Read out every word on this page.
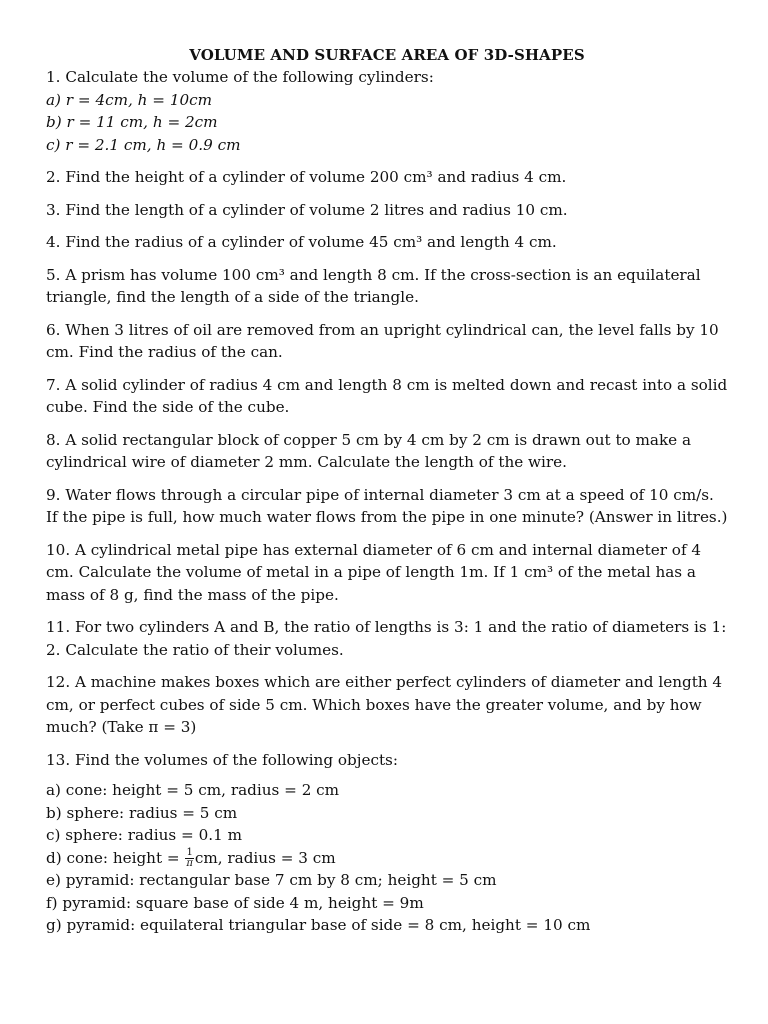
VOLUME AND SURFACE AREA OF 3D-SHAPES
1. Calculate the volume of the following cylinders:
a) r = 4cm, h = 10cm
b) r = 11 cm, h = 2cm
c) r = 2.1 cm, h = 0.9 cm
2. Find the height of a cylinder of volume 200 cm³ and radius 4 cm.
3. Find the length of a cylinder of volume 2 litres and radius 10 cm.
4. Find the radius of a cylinder of volume 45 cm³ and length 4 cm.
5. A prism has volume 100 cm³ and length 8 cm. If the cross-section is an equilateral triangle, find the length of a side of the triangle.
6. When 3 litres of oil are removed from an upright cylindrical can, the level falls by 10 cm. Find the radius of the can.
7. A solid cylinder of radius 4 cm and length 8 cm is melted down and recast into a solid cube. Find the side of the cube.
8. A solid rectangular block of copper 5 cm by 4 cm by 2 cm is drawn out to make a cylindrical wire of diameter 2 mm. Calculate the length of the wire.
9. Water flows through a circular pipe of internal diameter 3 cm at a speed of 10 cm/s. If the pipe is full, how much water flows from the pipe in one minute? (Answer in litres.)
10. A cylindrical metal pipe has external diameter of 6 cm and internal diameter of 4 cm. Calculate the volume of metal in a pipe of length 1m. If 1 cm³ of the metal has a mass of 8 g, find the mass of the pipe.
11. For two cylinders A and B, the ratio of lengths is 3: 1 and the ratio of diameters is 1: 2. Calculate the ratio of their volumes.
12. A machine makes boxes which are either perfect cylinders of diameter and length 4 cm, or perfect cubes of side 5 cm. Which boxes have the greater volume, and by how much? (Take π = 3)
13. Find the volumes of the following objects:
a) cone: height = 5 cm, radius = 2 cm
b) sphere: radius = 5 cm
c) sphere: radius = 0.1 m
d) cone: height = $\frac{1}{\pi}$ cm, radius = 3 cm
e) pyramid: rectangular base 7 cm by 8 cm; height = 5 cm
f) pyramid: square base of side 4 m, height = 9m
g) pyramid: equilateral triangular base of side = 8 cm, height = 10 cm
